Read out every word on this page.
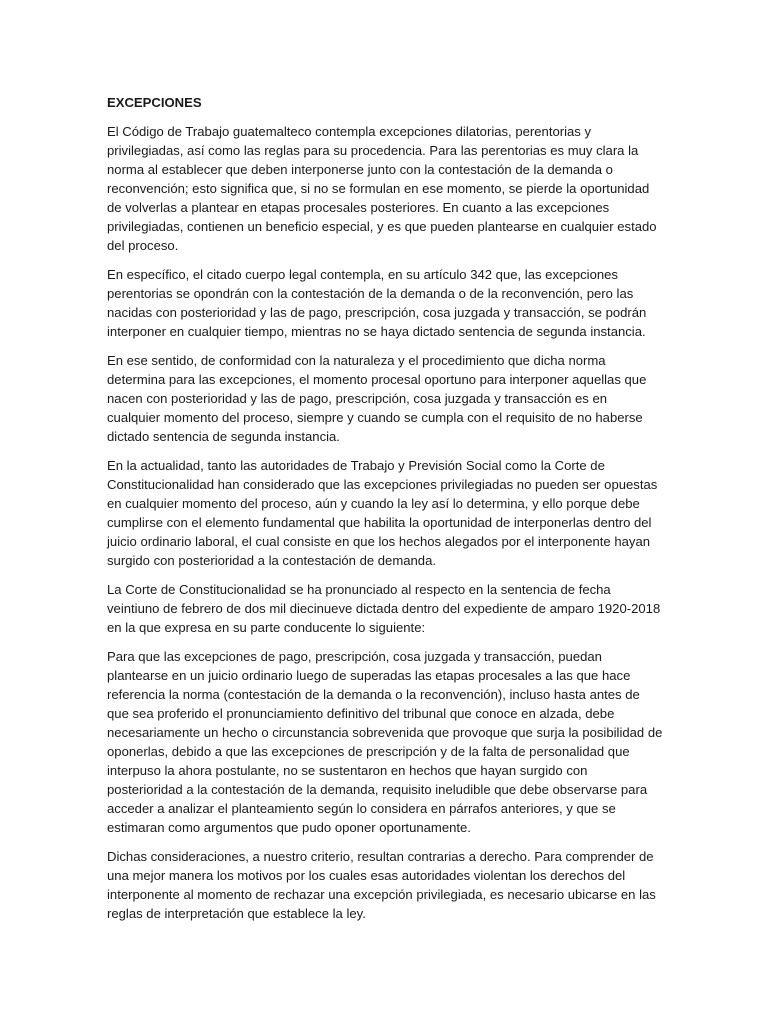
EXCEPCIONES

El Código de Trabajo guatemalteco contempla excepciones dilatorias, perentorias y privilegiadas, así como las reglas para su procedencia. Para las perentorias es muy clara la norma al establecer que deben interponerse junto con la contestación de la demanda o reconvención; esto significa que, si no se formulan en ese momento, se pierde la oportunidad de volverlas a plantear en etapas procesales posteriores. En cuanto a las excepciones privilegiadas, contienen un beneficio especial, y es que pueden plantearse en cualquier estado del proceso.

En específico, el citado cuerpo legal contempla, en su artículo 342 que, las excepciones perentorias se opondrán con la contestación de la demanda o de la reconvención, pero las nacidas con posterioridad y las de pago, prescripción, cosa juzgada y transacción, se podrán interponer en cualquier tiempo, mientras no se haya dictado sentencia de segunda instancia.

En ese sentido, de conformidad con la naturaleza y el procedimiento que dicha norma determina para las excepciones, el momento procesal oportuno para interponer aquellas que nacen con posterioridad y las de pago, prescripción, cosa juzgada y transacción es en cualquier momento del proceso, siempre y cuando se cumpla con el requisito de no haberse dictado sentencia de segunda instancia.

En la actualidad, tanto las autoridades de Trabajo y Previsión Social como la Corte de Constitucionalidad han considerado que las excepciones privilegiadas no pueden ser opuestas en cualquier momento del proceso, aún y cuando la ley así lo determina, y ello porque debe cumplirse con el elemento fundamental que habilita la oportunidad de interponerlas dentro del juicio ordinario laboral, el cual consiste en que los hechos alegados por el interponente hayan surgido con posterioridad a la contestación de demanda.

La Corte de Constitucionalidad se ha pronunciado al respecto en la sentencia de fecha veintiuno de febrero de dos mil diecinueve dictada dentro del expediente de amparo 1920-2018 en la que expresa en su parte conducente lo siguiente:

Para que las excepciones de pago, prescripción, cosa juzgada y transacción, puedan plantearse en un juicio ordinario luego de superadas las etapas procesales a las que hace referencia la norma (contestación de la demanda o la reconvención), incluso hasta antes de que sea proferido el pronunciamiento definitivo del tribunal que conoce en alzada, debe necesariamente un hecho o circunstancia sobrevenida que provoque que surja la posibilidad de oponerlas, debido a que las excepciones de prescripción y de la falta de personalidad que interpuso la ahora postulante, no se sustentaron en hechos que hayan surgido con posterioridad a la contestación de la demanda, requisito ineludible que debe observarse para acceder a analizar el planteamiento según lo considera en párrafos anteriores, y que se estimaran como argumentos que pudo oponer oportunamente.

Dichas consideraciones, a nuestro criterio, resultan contrarias a derecho. Para comprender de una mejor manera los motivos por los cuales esas autoridades violentan los derechos del interponente al momento de rechazar una excepción privilegiada, es necesario ubicarse en las reglas de interpretación que establece la ley.
